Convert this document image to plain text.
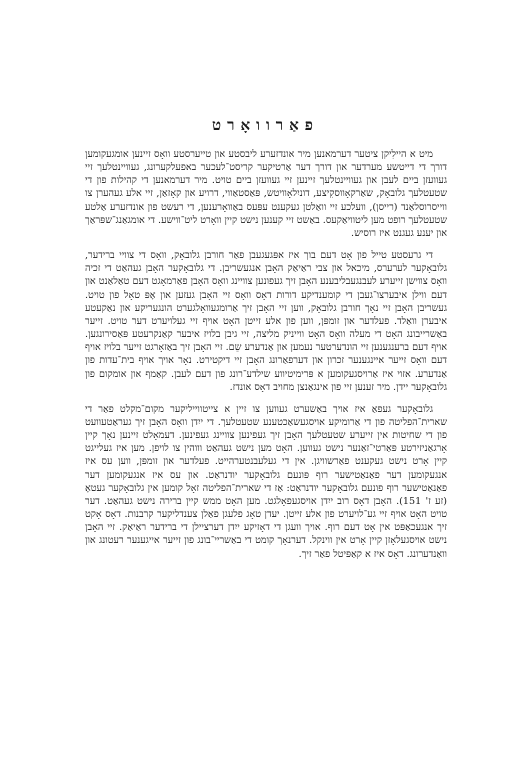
פאַרוואָרט

מיט א היילִיקן ציטער דערמאנען מיר אונדזערע ליבסטע און טייערסטע וואָס זיינען אומגעקומען דורך די דייטשע מערדער און דורך דער אַרטיקער קריסט־לעכער באפעלקערונג, געוויינטלעך זיי געוועזן ביים לעבן און געוויינטלעך זיינען זיי געוועזן ביים טויט. מיר דערמאנען די קהילות פון די שטעטלעך גלובאָק, שאַרקאָווסקִיצע, דוניִלאָוויטש, פּאַסטאַווי, דרויע און קאָזאַן, זיי אלע געהערן צו ווייסרוסלאַנד (רייסן), וועלכע זיי וואַלטן געקענט עפּעס באַוואָרענען, די רעשט פון אונדזערע אַלטע שטעטלעך רופט מען ליטוויאַקעס. באַשט זיי קענען נישט קיין וואָרט ליט־ווישע. די אומגאַנג־שפּראַך און יענע געגנט איז רוסיש.

די גרעסטע טייל פון אָט דעם בוך איז אפּגעגעבן פאַר חורבן גלובאָק, וואָס די צוויי ברידער, גלובאָקער לערערס, מיכאל און צבי ראַיאַק האָבן אנגעשריבן. די גלובאָקער האָבן געהאַט די זכיה וואָס צווישן זייערע לעבנגעבליבענע האָבן זיך געפונען צוויינג וואָס האָבן פאַרמאָגט דעם טאַלאַנט און דעם ווילן איבערצו־געבן די קומענדיקע דורות דאָס וואָס זיי האָבן געזען און אָפּ טאָל פון טויט. געשריבן האָבן זיי נאָך חורבן גלובאָק, ווען זיי האָבן זיך אַרומגעוואָלגערט הונגעריקע און נאַקעטע איבערן וואַלד. פעלדער און זומפּן, ווען פון אלע זייטן האָט אויף זיי געלויערט דער טויט. זייער באַשרייבונג האָט די מעלה וואָס האָט ווייניק מליצה, זיי גיבן בלויז איבער קאַנקרעטע פּאַסירונגען. אויף דעם ברענגענען זיי הונדערטער נעמען און אַנדערע שֵם. זיי האָבן זיך באַזאָרגט זייער בלויז אויף דעם וואָס זייער איינגענער זכרון און דערפאַרונג האָבן זיי דיקטירט. נאָר אויך אויף בית־עדות פון אַנדערע. אזוי איז אַרויסגעקומען א פּרימיטיווע שילדע־רונג פון דעם לעבן. קאַמף און אומקום פון גלובאָקער יידן. מיר זענען זיי פון אינגאַנצן מחויב דאָס אונדז.

גלובאָקער געפאַ איז אויך באַשערט געווען צו זיין א צייטווייליקער מקום־מקלט פאַר די שארית־הפליטה פון די אַרומיקע אויסגעשאַכטענע שטעטלעך. די ייִדן וואָס האָבן זיך געראַטעוועט פון די שחיטות אין זייערע שטעטלעך האָבן זיך געפינען צוויינג געפינען. דעמאָלט זיינען נאָך קיין אָרגאַניזירטע פּאַרטי־זאַנער נישט געווען. האָט מען נישט געהאַט וווהין צו לויפן. מען איז געלייגט קיין אָרט נישט געקענט פאַרשוויגן. אין די געלעבנטערהייט. פעלדער און זומפּן, ווען עס איז אנגעקומען דער פאַנאַטישער רוף פּונעם גלובאָקער יודנראַט. און עס איז אנגעקומען דער פאַנאַטישער רוף פונעם גלובאָקער יודנראַט: אַז די שארית־הפליטה זאָל קומען אין גלובאָקער געטאָ (זע ז' 151). האָבן דאָס רוב ייִדן אויסגעפאָלגט. מען האָט ממש קיין ברירה נישט געהאַט. דער טויט האָט אויף זיי גע־לויערט פון אלע זייטן. יעדן טאָג פלעגן פאַלן צענדליקער קרבנות. דאָס אָקט זיך אנגעכאַפּט אין אָט דעם רוף. אויך וועגן די דאָזיקע ייִדן דערציילן די ברידער ראַיאַק. זיי האָבן נישט אויסגעלאָזן קיין אָרט אין ווינקל. דערנאָך קומט די באַשריי־בונג פון זייער אייגענער רעטונג און וואַנדערונג. דאָס איז א קאַפּיטל פאַר זיך.
